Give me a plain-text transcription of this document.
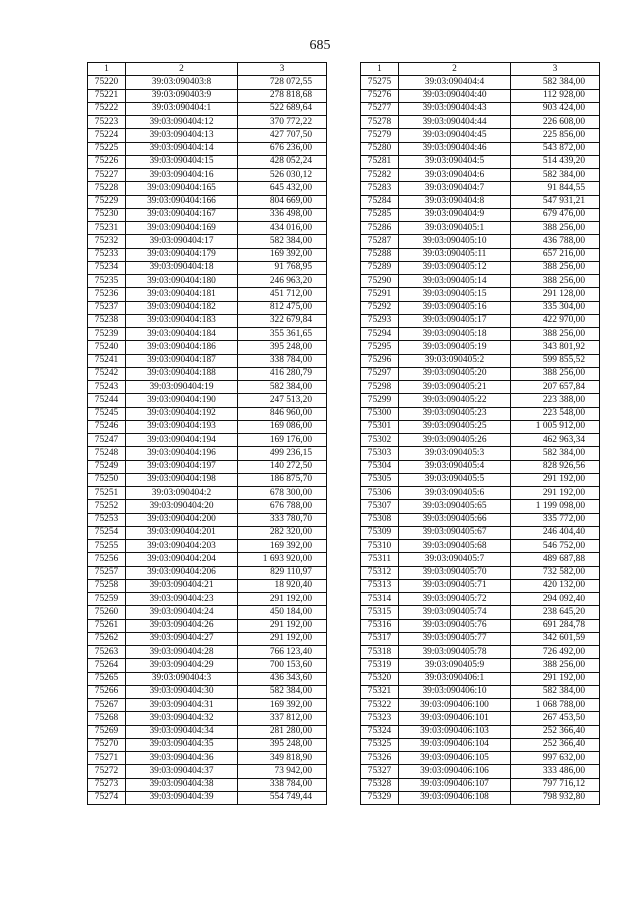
685
1	2	3
75220	39:03:090403:8	728 072,55
75221	39:03:090403:9	278 818,68
75222	39:03:090404:1	522 689,64
75223	39:03:090404:12	370 772,22
75224	39:03:090404:13	427 707,50
75225	39:03:090404:14	676 236,00
75226	39:03:090404:15	428 052,24
75227	39:03:090404:16	526 030,12
75228	39:03:090404:165	645 432,00
75229	39:03:090404:166	804 669,00
75230	39:03:090404:167	336 498,00
75231	39:03:090404:169	434 016,00
75232	39:03:090404:17	582 384,00
75233	39:03:090404:179	169 392,00
75234	39:03:090404:18	91 768,95
75235	39:03:090404:180	246 963,20
75236	39:03:090404:181	451 712,00
75237	39:03:090404:182	812 475,00
75238	39:03:090404:183	322 679,84
75239	39:03:090404:184	355 361,65
75240	39:03:090404:186	395 248,00
75241	39:03:090404:187	338 784,00
75242	39:03:090404:188	416 280,79
75243	39:03:090404:19	582 384,00
75244	39:03:090404:190	247 513,20
75245	39:03:090404:192	846 960,00
75246	39:03:090404:193	169 086,00
75247	39:03:090404:194	169 176,00
75248	39:03:090404:196	499 236,15
75249	39:03:090404:197	140 272,50
75250	39:03:090404:198	186 875,70
75251	39:03:090404:2	678 300,00
75252	39:03:090404:20	676 788,00
75253	39:03:090404:200	333 780,70
75254	39:03:090404:201	282 320,00
75255	39:03:090404:203	169 392,00
75256	39:03:090404:204	1 693 920,00
75257	39:03:090404:206	829 110,97
75258	39:03:090404:21	18 920,40
75259	39:03:090404:23	291 192,00
75260	39:03:090404:24	450 184,00
75261	39:03:090404:26	291 192,00
75262	39:03:090404:27	291 192,00
75263	39:03:090404:28	766 123,40
75264	39:03:090404:29	700 153,60
75265	39:03:090404:3	436 343,60
75266	39:03:090404:30	582 384,00
75267	39:03:090404:31	169 392,00
75268	39:03:090404:32	337 812,00
75269	39:03:090404:34	281 280,00
75270	39:03:090404:35	395 248,00
75271	39:03:090404:36	349 818,90
75272	39:03:090404:37	73 942,00
75273	39:03:090404:38	338 784,00
75274	39:03:090404:39	554 749,44
1	2	3
75275	39:03:090404:4	582 384,00
75276	39:03:090404:40	112 928,00
75277	39:03:090404:43	903 424,00
75278	39:03:090404:44	226 608,00
75279	39:03:090404:45	225 856,00
75280	39:03:090404:46	543 872,00
75281	39:03:090404:5	514 439,20
75282	39:03:090404:6	582 384,00
75283	39:03:090404:7	91 844,55
75284	39:03:090404:8	547 931,21
75285	39:03:090404:9	679 476,00
75286	39:03:090405:1	388 256,00
75287	39:03:090405:10	436 788,00
75288	39:03:090405:11	657 216,00
75289	39:03:090405:12	388 256,00
75290	39:03:090405:14	388 256,00
75291	39:03:090405:15	291 128,00
75292	39:03:090405:16	335 304,00
75293	39:03:090405:17	422 970,00
75294	39:03:090405:18	388 256,00
75295	39:03:090405:19	343 801,92
75296	39:03:090405:2	599 855,52
75297	39:03:090405:20	388 256,00
75298	39:03:090405:21	207 657,84
75299	39:03:090405:22	223 388,00
75300	39:03:090405:23	223 548,00
75301	39:03:090405:25	1 005 912,00
75302	39:03:090405:26	462 963,34
75303	39:03:090405:3	582 384,00
75304	39:03:090405:4	828 926,56
75305	39:03:090405:5	291 192,00
75306	39:03:090405:6	291 192,00
75307	39:03:090405:65	1 199 098,00
75308	39:03:090405:66	335 772,00
75309	39:03:090405:67	246 404,40
75310	39:03:090405:68	546 752,00
75311	39:03:090405:7	489 687,88
75312	39:03:090405:70	732 582,00
75313	39:03:090405:71	420 132,00
75314	39:03:090405:72	294 092,40
75315	39:03:090405:74	238 645,20
75316	39:03:090405:76	691 284,78
75317	39:03:090405:77	342 601,59
75318	39:03:090405:78	726 492,00
75319	39:03:090405:9	388 256,00
75320	39:03:090406:1	291 192,00
75321	39:03:090406:10	582 384,00
75322	39:03:090406:100	1 068 788,00
75323	39:03:090406:101	267 453,50
75324	39:03:090406:103	252 366,40
75325	39:03:090406:104	252 366,40
75326	39:03:090406:105	997 632,00
75327	39:03:090406:106	333 486,00
75328	39:03:090406:107	797 716,12
75329	39:03:090406:108	798 932,80
